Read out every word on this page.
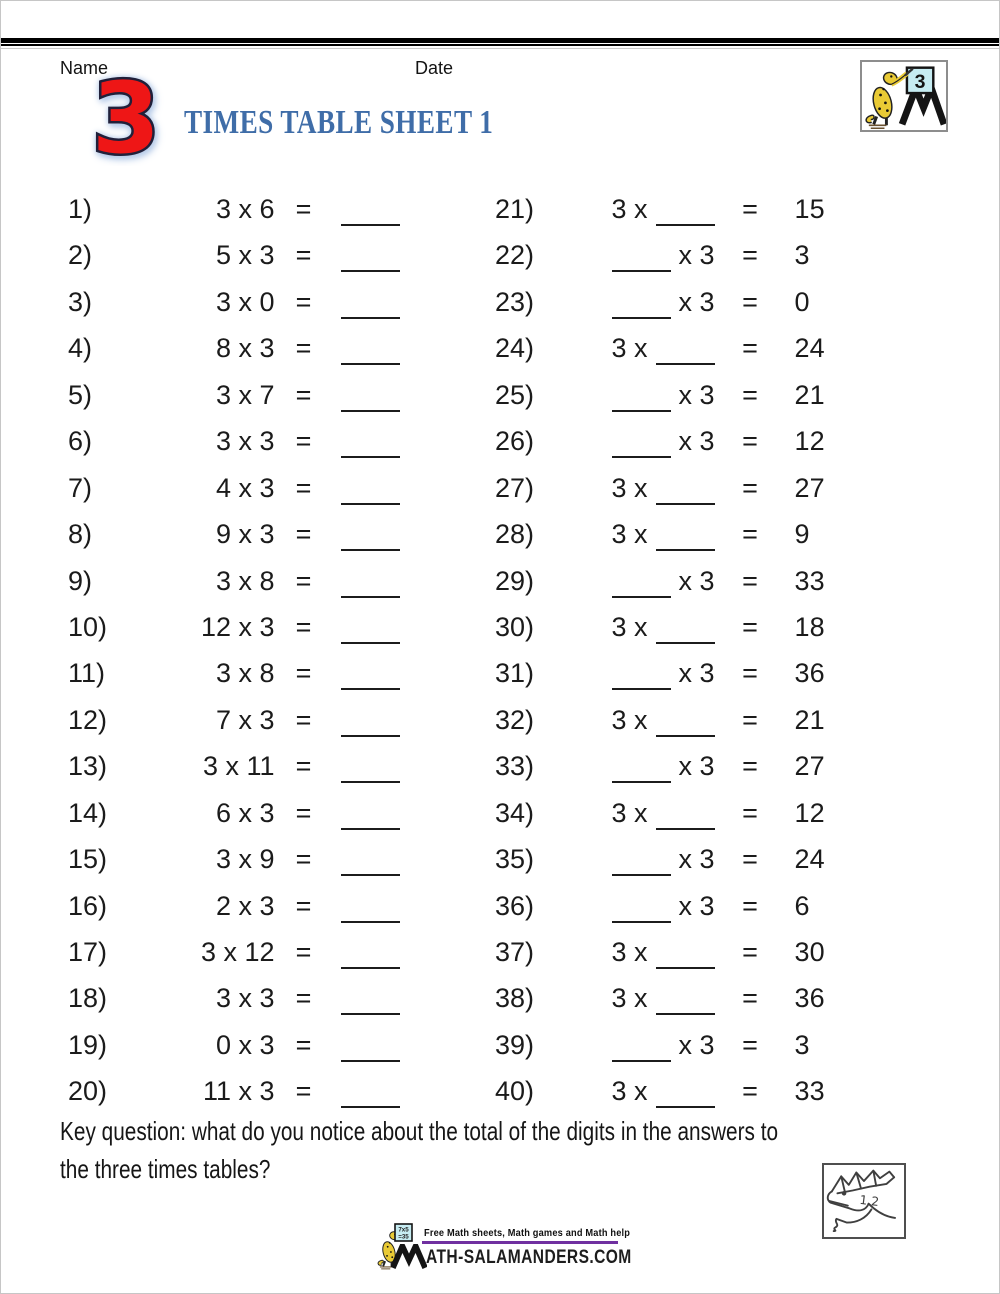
Name	Date
3 TIMES TABLE SHEET 1
3
1)	3 x 6 =
2)	5 x 3 =
3)	3 x 0 =
4)	8 x 3 =
5)	3 x 7 =
6)	3 x 3 =
7)	4 x 3 =
8)	9 x 3 =
9)	3 x 8 =
10)	12 x 3 =
11)	3 x 8 =
12)	7 x 3 =
13)	3 x 11 =
14)	6 x 3 =
15)	3 x 9 =
16)	2 x 3 =
17)	3 x 12 =
18)	3 x 3 =
19)	0 x 3 =
20)	11 x 3 =
21)	3 x	= 15
22)	x 3 = 3
23)	x 3 = 0
24)	3 x	= 24
25)	x 3 = 21
26)	x 3 = 12
27)	3 x	= 27
28)	3 x	= 9
29)	x 3 = 33
30)	3 x	= 18
31)	x 3 = 36
32)	3 x	= 21
33)	x 3 = 27
34)	3 x	= 12
35)	x 3 = 24
36)	x 3 = 6
37)	3 x	= 30
38)	3 x	= 36
39)	x 3 = 3
40)	3 x	= 33
Key question: what do you notice about the total of the digits in the answers to
the three times tables?
1 2
7x5
=35 Free Math sheets, Math games and Math help
ATH-SALAMANDERS.COM
